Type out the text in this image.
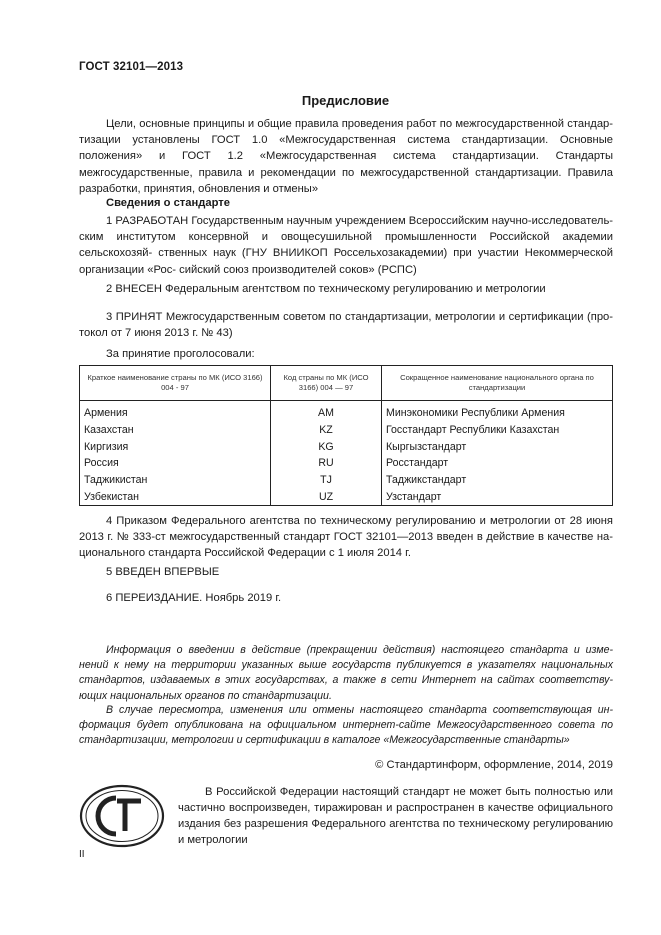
ГОСТ 32101—2013
Предисловие

Цели, основные принципы и общие правила проведения работ по межгосударственной стандар- тизации установлены ГОСТ 1.0 «Межгосударственная система стандартизации. Основные положения» и ГОСТ 1.2 «Межгосударственная система стандартизации. Стандарты межгосударственные, правила и рекомендации по межгосударственной стандартизации. Правила разработки, принятия, обновления и отмены»

Сведения о стандарте

1 РАЗРАБОТАН Государственным научным учреждением Всероссийским научно-исследователь- ским институтом консервной и овощесушильной промышленности Российской академии сельскохозяй- ственных наук (ГНУ ВНИИКОП Россельхозакадемии) при участии Некоммерческой организации «Рос- сийский союз производителей соков» (РСПС)

2 ВНЕСЕН Федеральным агентством по техническому регулированию и метрологии

3 ПРИНЯТ Межгосударственным советом по стандартизации, метрологии и сертификации (про- токол от 7 июня 2013 г. № 43)

За принятие проголосовали:
Краткое наименование страны по МК (ИСО 3166) 004 - 97	Код страны по МК (ИСО 3166) 004 — 97	Сокращенное наименование национального органа по стандартизации
Армения	AM	Минэкономики Республики Армения
Казахстан	KZ	Госстандарт Республики Казахстан
Киргизия	KG	Кыргызстандарт
Россия	RU	Росстандарт
Таджикистан	TJ	Таджикстандарт
Узбекистан	UZ	Узстандарт

4 Приказом Федерального агентства по техническому регулированию и метрологии от 28 июня 2013 г. № 333-ст межгосударственный стандарт ГОСТ 32101—2013 введен в действие в качестве на- ционального стандарта Российской Федерации с 1 июля 2014 г.

5 ВВЕДЕН ВПЕРВЫЕ
6 ПЕРЕИЗДАНИЕ. Ноябрь 2019 г.

Информация о введении в действие (прекращении действия) настоящего стандарта и изме- нений к нему на территории указанных выше государств публикуется в указателях национальных стандартов, издаваемых в этих государствах, а также в сети Интернет на сайтах соответству- ющих национальных органов по стандартизации.

В случае пересмотра, изменения или отмены настоящего стандарта соответствующая ин- формация будет опубликована на официальном интернет-сайте Межгосударственного совета по стандартизации, метрологии и сертификации в каталоге «Межгосударственные стандарты»

© Стандартинформ, оформление, 2014, 2019

В Российской Федерации настоящий стандарт не может быть полностью или частично воспроизведен, тиражирован и распространен в качестве официального издания без разрешения Федерального агентства по техническому регулированию и метрологии

II
